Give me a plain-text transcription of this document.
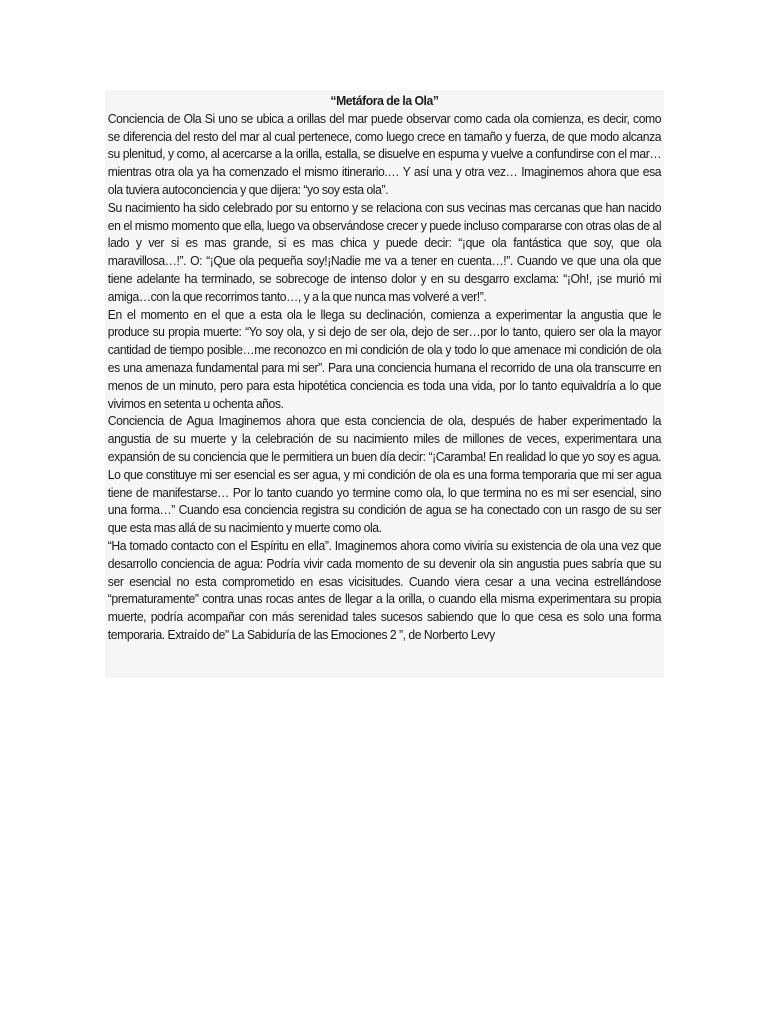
“Metáfora de la Ola”

Conciencia de Ola Si uno se ubica a orillas del mar puede observar como cada ola comienza, es decir, como se diferencia del resto del mar al cual pertenece, como luego crece en tamaño y fuerza, de que modo alcanza su plenitud, y como, al acercarse a la orilla, estalla, se disuelve en espuma y vuelve a confundirse con el mar…mientras otra ola ya ha comenzado el mismo itinerario.… Y así una y otra vez… Imaginemos ahora que esa ola tuviera autoconciencia y que dijera: “yo soy esta ola”.

Su nacimiento ha sido celebrado por su entorno y se relaciona con sus vecinas mas cercanas que han nacido en el mismo momento que ella, luego va observándose crecer y puede incluso compararse con otras olas de al lado y ver si es mas grande, si es mas chica y puede decir: “¡que ola fantástica que soy, que ola maravillosa…!”. O: “¡Que ola pequeña soy!¡Nadie me va a tener en cuenta…!”. Cuando ve que una ola que tiene adelante ha terminado, se sobrecoge de intenso dolor y en su desgarro exclama: “¡Oh!, ¡se murió mi amiga…con la que recorrimos tanto…, y a la que nunca mas volveré a ver!”.

En el momento en el que a esta ola le llega su declinación, comienza a experimentar la angustia que le produce su propia muerte: “Yo soy ola, y si dejo de ser ola, dejo de ser…por lo tanto, quiero ser ola la mayor cantidad de tiempo posible…me reconozco en mi condición de ola y todo lo que amenace mi condición de ola es una amenaza fundamental para mi ser”. Para una conciencia humana el recorrido de una ola transcurre en menos de un minuto, pero para esta hipotética conciencia es toda una vida, por lo tanto equivaldría a lo que vivimos en setenta u ochenta años.

Conciencia de Agua Imaginemos ahora que esta conciencia de ola, después de haber experimentado la angustia de su muerte y la celebración de su nacimiento miles de millones de veces, experimentara una expansión de su conciencia que le permitiera un buen día decir: “¡Caramba! En realidad lo que yo soy es agua. Lo que constituye mi ser esencial es ser agua, y mi condición de ola es una forma temporaria que mi ser agua tiene de manifestarse… Por lo tanto cuando yo termine como ola, lo que termina no es mi ser esencial, sino una forma…” Cuando esa conciencia registra su condición de agua se ha conectado con un rasgo de su ser que esta mas allá de su nacimiento y muerte como ola.

“Ha tomado contacto con el Espíritu en ella”. Imaginemos ahora como viviría su existencia de ola una vez que desarrollo conciencia de agua: Podría vivir cada momento de su devenir ola sin angustia pues sabría que su ser esencial no esta comprometido en esas vicisitudes. Cuando viera cesar a una vecina estrellándose “prematuramente” contra unas rocas antes de llegar a la orilla, o cuando ella misma experimentara su propia muerte, podría acompañar con más serenidad tales sucesos sabiendo que lo que cesa es solo una forma temporaria. Extraído de” La Sabiduría de las Emociones 2 ”, de Norberto Levy
